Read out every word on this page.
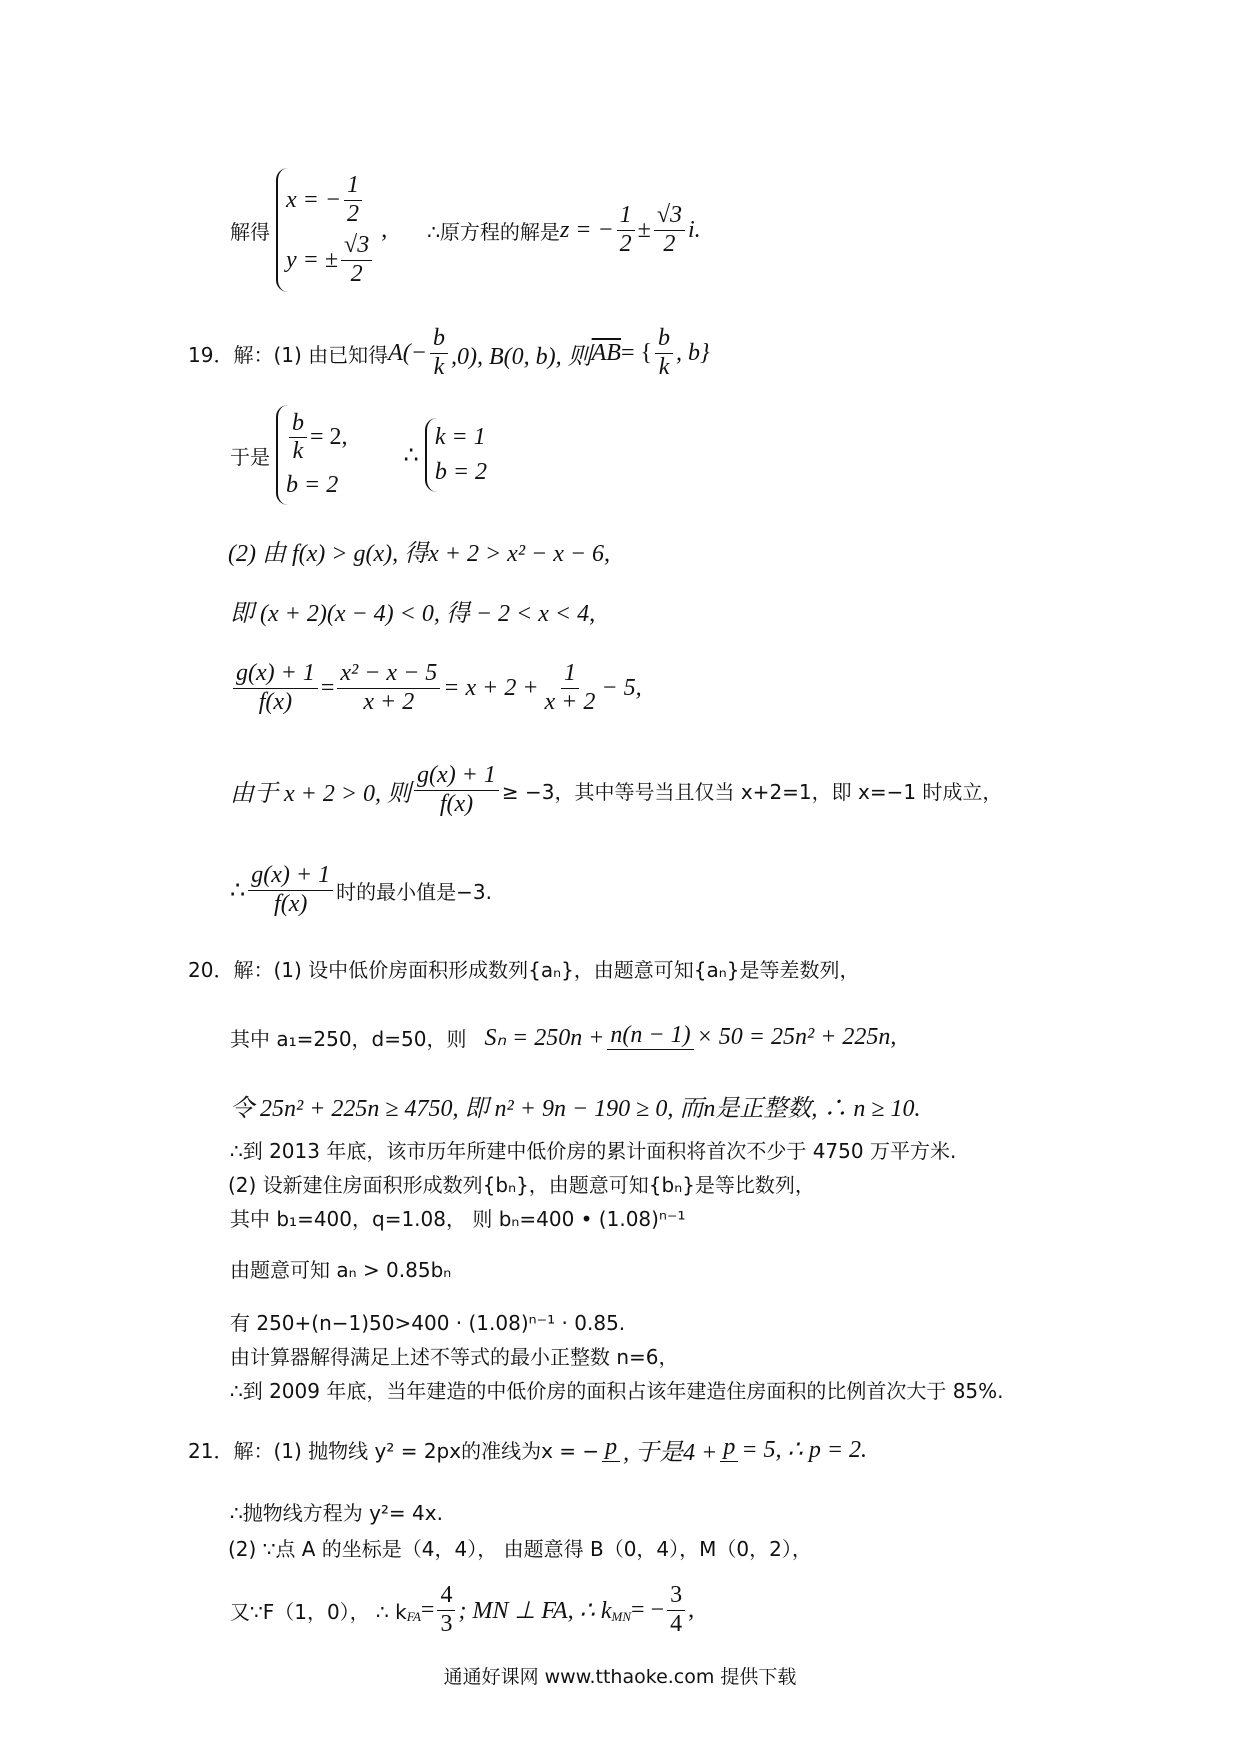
解得
x = − $\frac{1}{2}$
y = ± $\frac{√3}{2}$
, ∴原方程的解是 z = − $\frac{1}{2} \pm \frac{√3}{2} i$.
19．解：(1) 由已知得 $A(- \frac{b}{k} ,0)$, B(0, b), 则 $\overline{AB}$ = { $\frac{b}{k}$ , b}
于是 $\frac{b}{k} = 2$,
b = 2
∴
k = 1
b = 2
(2) 由 f(x) > g(x), 得x + 2 > x² − x − 6,
即 (x + 2)(x − 4) < 0, 得 − 2 < x < 4,
$\frac{g(x) + 1}{f(x)} = \frac{\text{x² − x − 5}}{x + 2} = x + 2 + \frac{1}{x + 2} - 5$,
由于 x + 2 > 0, 则 $\frac{g(x) + 1}{f(x)} \ge -3$，其中等号当且仅当 x+2=1，即 x=−1 时成立，
∴ $\frac{g(x) + 1}{f(x)}$ 时的最小值是−3.
20．解：(1) 设中低价房面积形成数列{aₙ}，由题意可知{aₙ}是等差数列，
其中 a₁=250，d=50，则 Sₙ = 250n + n(n − 1) × 50 = 25n² + 225n,
令 25n² + 225n ≥ 4750, 即 n² + 9n − 190 ≥ 0, 而n是正整数, ∴ n ≥ 10.
∴到 2013 年底，该市历年所建中低价房的累计面积将首次不少于 4750 万平方米.
(2) 设新建住房面积形成数列{bₙ}，由题意可知{bₙ}是等比数列，
其中 b₁=400，q=1.08， 则 bₙ=400 • (1.08)ⁿ⁻¹
由题意可知 aₙ > 0.85bₙ
有 250+(n−1)50>400 · (1.08)ⁿ⁻¹ · 0.85.
由计算器解得满足上述不等式的最小正整数 n=6，
∴到 2009 年底，当年建造的中低价房的面积占该年建造住房面积的比例首次大于 85%.
21．解：(1) 抛物线 y² = 2px的准线为x = − p , 于是4 + p = 5, ∴ p = 2.
∴抛物线方程为 y²= 4x.
(2) ∵点 A 的坐标是（4，4）， 由题意得 B（0，4），M（0，2），
又∵F（1，0）， ∴ $k_{FA} = \frac{4}{3}$ ; MN ⊥ FA, ∴ $k_{MN}$ = − $\frac{3}{4}$ ,
通通好课网 www.tthaoke.com 提供下载
